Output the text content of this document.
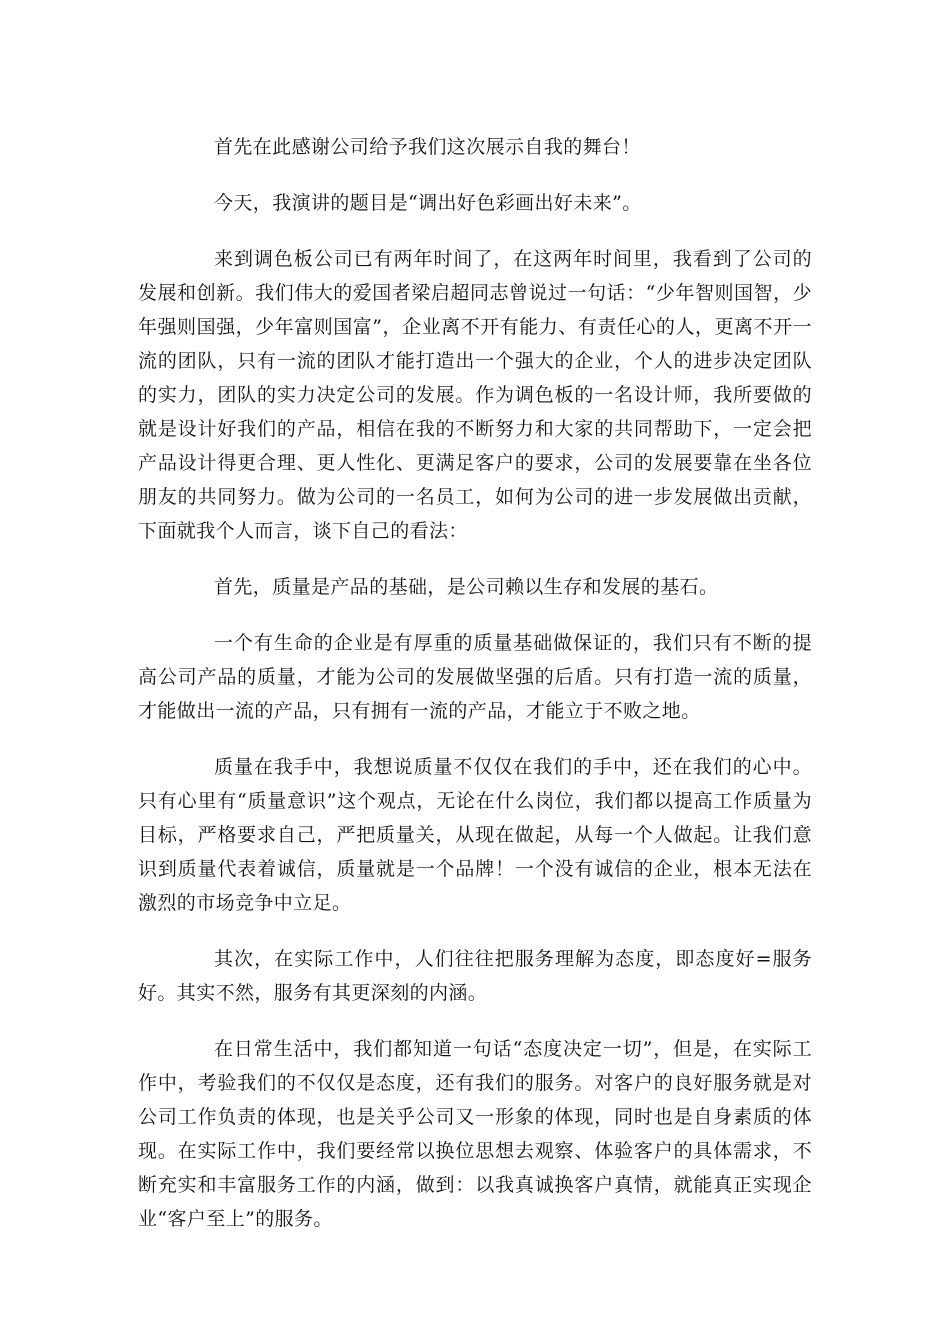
首先在此感谢公司给予我们这次展示自我的舞台！

今天，我演讲的题目是“调出好色彩画出好未来”。

来到调色板公司已有两年时间了，在这两年时间里，我看到了公司的发展和创新。我们伟大的爱国者梁启超同志曾说过一句话：“少年智则国智，少年强则国强，少年富则国富”，企业离不开有能力、有责任心的人，更离不开一流的团队，只有一流的团队才能打造出一个强大的企业，个人的进步决定团队的实力，团队的实力决定公司的发展。作为调色板的一名设计师，我所要做的就是设计好我们的产品，相信在我的不断努力和大家的共同帮助下，一定会把产品设计得更合理、更人性化、更满足客户的要求，公司的发展要靠在坐各位朋友的共同努力。做为公司的一名员工，如何为公司的进一步发展做出贡献，下面就我个人而言，谈下自己的看法：

首先，质量是产品的基础，是公司赖以生存和发展的基石。

一个有生命的企业是有厚重的质量基础做保证的，我们只有不断的提高公司产品的质量，才能为公司的发展做坚强的后盾。只有打造一流的质量，才能做出一流的产品，只有拥有一流的产品，才能立于不败之地。

质量在我手中，我想说质量不仅仅在我们的手中，还在我们的心中。只有心里有“质量意识”这个观点，无论在什么岗位，我们都以提高工作质量为目标，严格要求自己，严把质量关，从现在做起，从每一个人做起。让我们意识到质量代表着诚信，质量就是一个品牌！一个没有诚信的企业，根本无法在激烈的市场竞争中立足。

其次，在实际工作中，人们往往把服务理解为态度，即态度好=服务好。其实不然，服务有其更深刻的内涵。

在日常生活中，我们都知道一句话“态度决定一切”，但是，在实际工作中，考验我们的不仅仅是态度，还有我们的服务。对客户的良好服务就是对公司工作负责的体现，也是关乎公司又一形象的体现，同时也是自身素质的体现。在实际工作中，我们要经常以换位思想去观察、体验客户的具体需求，不断充实和丰富服务工作的内涵，做到：以我真诚换客户真情，就能真正实现企业“客户至上”的服务。
